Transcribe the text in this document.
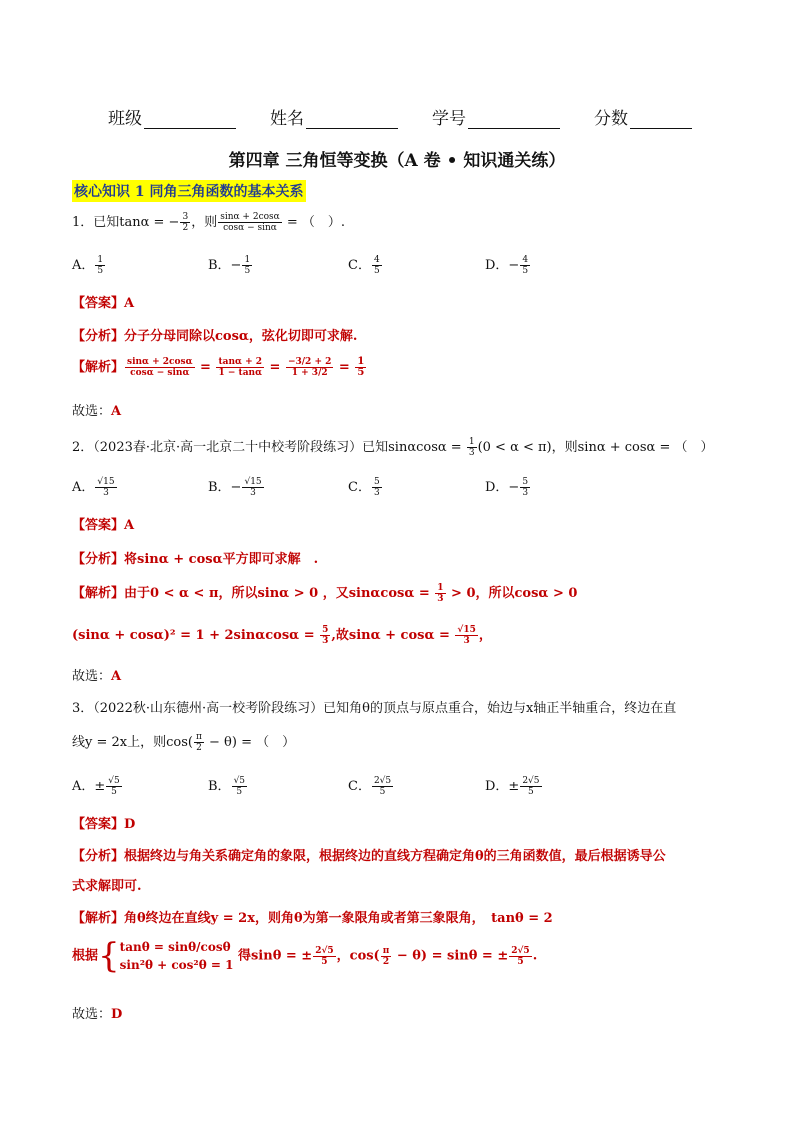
班级	姓名	学号	分数
第四章 三角恒等变换（A 卷 • 知识通关练）
核心知识 1 同角三角函数的基本关系
1．已知tanα = − $\frac{3}{2}$ ，则 $\frac{\sin\alpha + 2\cos\alpha}{\cos\alpha - \sin\alpha}$ = （　）.
A． $\frac{1}{5}$	B．− $\frac{1}{5}$	C． $\frac{4}{5}$	D．− $\frac{4}{5}$
【答案】A
【分析】分子分母同除以cosα，弦化切即可求解.
【解析】 $\frac{\sin\alpha + 2\cos\alpha}{\cos\alpha - \sin\alpha} = \frac{\tan\alpha + 2}{1 - \tan\alpha} = \frac{-3/2 + 2}{1 + 3/2} = \frac{1}{5}$
故选：A
2．（2023春·北京·高一北京二十中校考阶段练习）已知$\sin\alpha\cos\alpha = \frac{1}{3} (0 < \alpha < \pi)$，则sinα + cosα = （　）
A． $\frac{√15}{3}$	B．− $\frac{√15}{3}$	C． $\frac{5}{3}$	D．− $\frac{5}{3}$
【答案】A
【分析】将sinα + cosα平方即可求解　.
【解析】由于0 < α < π，所以sinα > 0 ，又$\sin\alpha\cos\alpha = \frac{1}{3} > 0$，所以cosα > 0
$(\sin\alpha + \cos\alpha)^2 = 1 + 2\sin\alpha\cos\alpha = \frac{5}{3}$ ,故$\sin\alpha + \cos\alpha = \frac{√15}{3}$ ，
故选：A
3．（2022秋·山东德州·高一校考阶段练习）已知角θ的顶点与原点重合，始边与x轴正半轴重合，终边在直
线y = 2x上，则$\cos( \frac{\pi}{2} - \theta)$ = （　）
A．± $\frac{√5}{5}$	B． $\frac{√5}{5}$	C． $\frac{2√5}{5}$	D．± $\frac{2√5}{5}$
【答案】D
【分析】根据终边与角关系确定角的象限，根据终边的直线方程确定角θ的三角函数值，最后根据诱导公
式求解即可.
【解析】角θ终边在直线y = 2x，则角θ为第一象限角或者第三象限角，　tanθ = 2
根据{ tanθ = sinθ/cosθ
sin²θ + cos²θ = 1
得sinθ = ± $\frac{2√5}{5}$ ，$\cos( \frac{\pi}{2} - \theta) = \sin\theta$ = ± $\frac{2√5}{5}$ .
故选：D
